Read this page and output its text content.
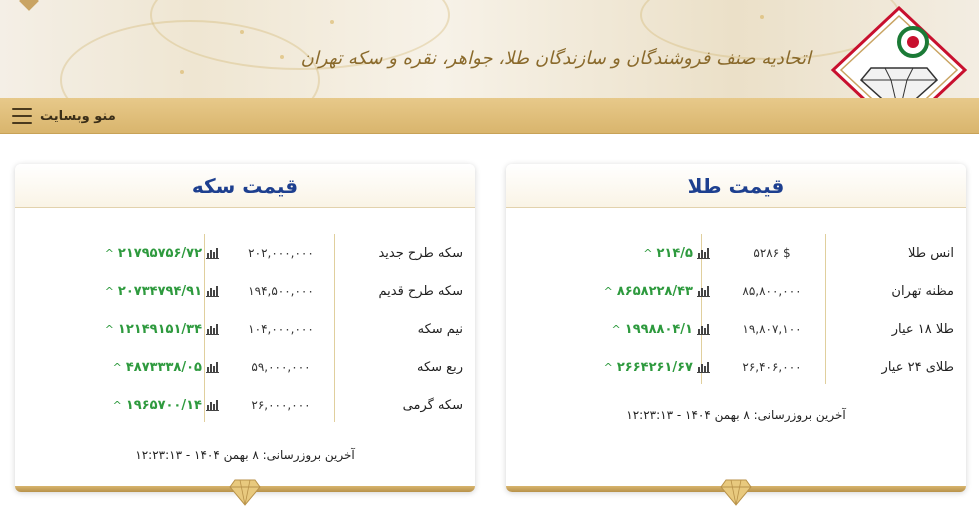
اتحادیه صنف فروشندگان و سازندگان طلا، جواهر، نقره و سکه تهران
منو وبسایت
قیمت طلا
انس طلا
$ ۵۲۸۶
^ ۲۱۴/۵
مظنه تهران
۸۵,۸۰۰,۰۰۰
^ ۸۶۵۸۲۲۸/۴۳
طلا ۱۸ عیار
۱۹,۸۰۷,۱۰۰
^ ۱۹۹۸۸۰۴/۱
طلای ۲۴ عیار
۲۶,۴۰۶,۰۰۰
^ ۲۶۶۴۲۶۱/۶۷
آخرین بروزرسانی: ۸ بهمن ۱۴۰۴ - ۱۲:۲۳:۱۳
قیمت سکه
سکه طرح جدید
۲۰۲,۰۰۰,۰۰۰
^ ۲۱۷۹۵۷۵۶/۷۲
سکه طرح قدیم
۱۹۴,۵۰۰,۰۰۰
^ ۲۰۷۳۴۷۹۴/۹۱
نیم سکه
۱۰۴,۰۰۰,۰۰۰
^ ۱۲۱۴۹۱۵۱/۳۴
ربع سکه
۵۹,۰۰۰,۰۰۰
^ ۴۸۷۳۳۳۸/۰۵
سکه گرمی
۲۶,۰۰۰,۰۰۰
^ ۱۹۶۵۷۰۰/۱۴
آخرین بروزرسانی: ۸ بهمن ۱۴۰۴ - ۱۲:۲۳:۱۳
